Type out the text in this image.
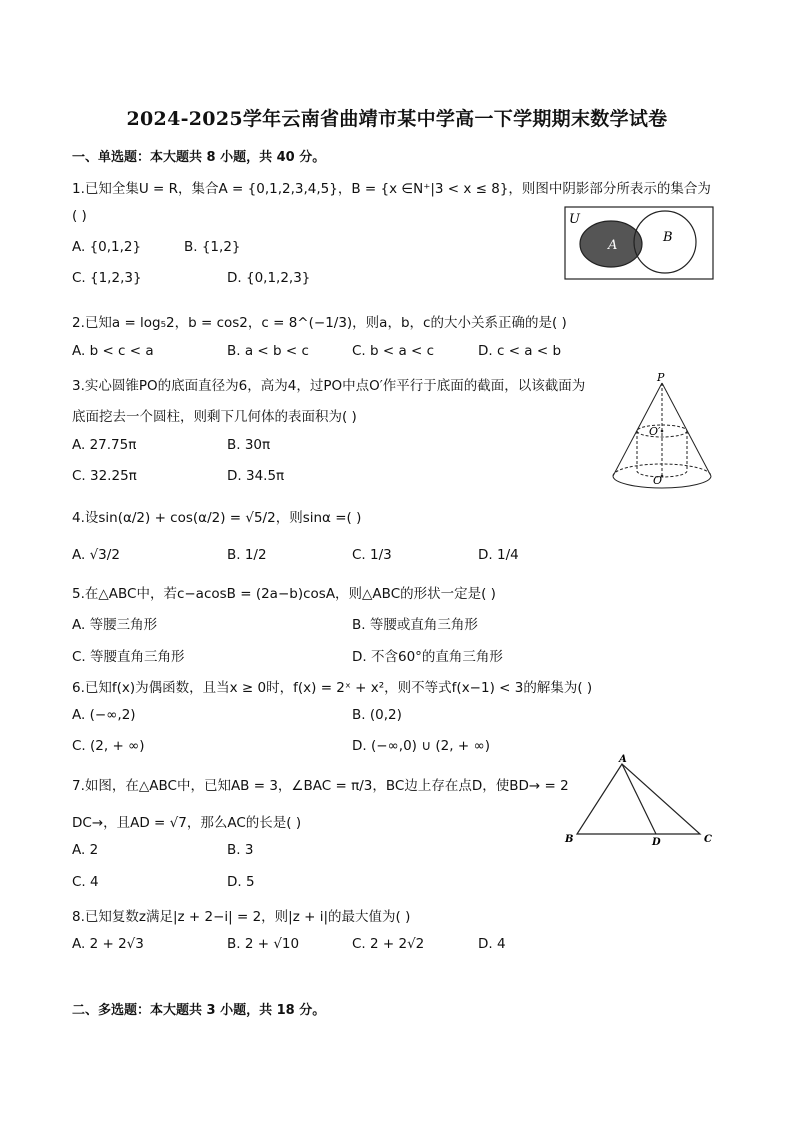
2024-2025学年云南省曲靖市某中学高一下学期期末数学试卷
一、单选题：本大题共 8 小题，共 40 分。
1.已知全集U = R，集合A = {0,1,2,3,4,5}，B = {x ∈N⁺|3 < x ≤ 8}，则图中阴影部分所表示的集合为
( )
A. {0,1,2}	B. {1,2}
C. {1,2,3}	D. {0,1,2,3}
U
A
B
2.已知a = log₅2，b = cos2，c = 8^(−1/3)，则a，b，c的大小关系正确的是( )
A. b < c < a	B. a < b < c	C. b < a < c	D. c < a < b
3.实心圆锥PO的底面直径为6，高为4，过PO中点O′作平行于底面的截面，以该截面为
底面挖去一个圆柱，则剩下几何体的表面积为( )
A. 27.75π	B. 30π
C. 32.25π	D. 34.5π
P
O′
O
4.设sin(α/2) + cos(α/2) = √5/2，则sinα =( )
A. √3/2	B. 1/2	C. 1/3	D. 1/4
5.在△ABC中，若c−acosB = (2a−b)cosA，则△ABC的形状一定是( )
A. 等腰三角形	B. 等腰或直角三角形
C. 等腰直角三角形	D. 不含60°的直角三角形
6.已知f(x)为偶函数，且当x ≥ 0时，f(x) = 2ˣ + x²，则不等式f(x−1) < 3的解集为( )
A. (−∞,2)	B. (0,2)
C. (2, + ∞)	D. (−∞,0) ∪ (2, + ∞)
7.如图，在△ABC中，已知AB = 3，∠BAC = π/3，BC边上存在点D，使BD→ = 2
DC→，且AD = √7，那么AC的长是( )
A. 2	B. 3
C. 4	D. 5
A
B	C
D
8.已知复数z满足|z + 2−i| = 2，则|z + i|的最大值为( )
A. 2 + 2√3	B. 2 + √10	C. 2 + 2√2	D. 4
二、多选题：本大题共 3 小题，共 18 分。
